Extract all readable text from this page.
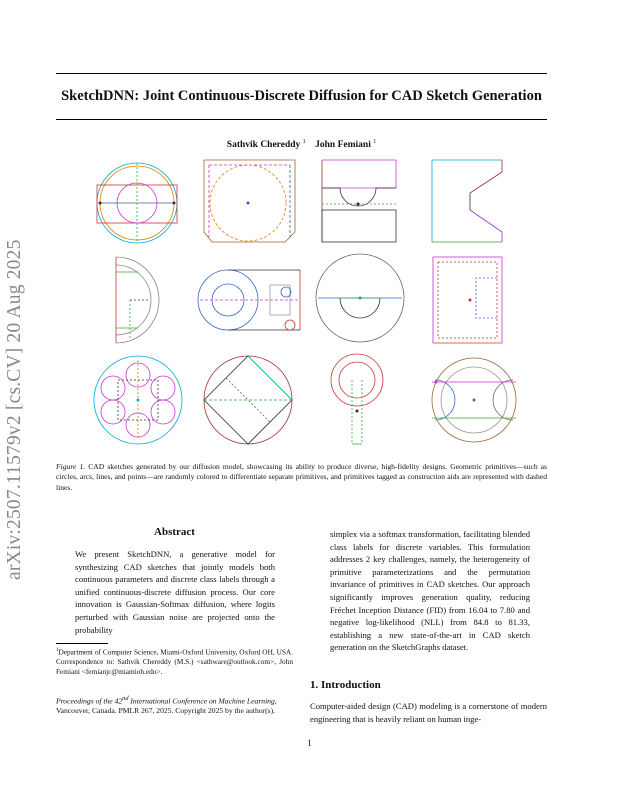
SketchDNN: Joint Continuous-Discrete Diffusion for CAD Sketch Generation
Sathvik Chereddy $^1$ John Femiani $^1$
arXiv:2507.11579v2 [cs.CV] 20 Aug 2025	Figure 1. CAD sketches generated by our diffusion model, showcasing its ability to produce diverse, high-fidelity designs. Geometric primitives—such as circles, arcs, lines, and points—are randomly colored to differentiate separate primitives, and primitives tagged as construction aids are represented with dashed lines.
Abstract
We present SketchDNN, a generative model for synthesizing CAD sketches that jointly models both continuous parameters and discrete class labels through a unified continuous-discrete diffusion process. Our core innovation is Gaussian-Softmax diffusion, where logits perturbed with Gaussian noise are projected onto the probability
simplex via a softmax transformation, facilitating blended class labels for discrete variables. This formulation addresses 2 key challenges, namely, the heterogeneity of primitive parameterizations and the permutation invariance of primitives in CAD sketches. Our approach significantly improves generation quality, reducing Fréchet Inception Distance (FID) from 16.04 to 7.80 and negative log-likelihood (NLL) from 84.8 to 81.33, establishing a new state-of-the-art in CAD sketch generation on the SketchGraphs dataset.
$^1$Department of Computer Science, Miami-Oxford University, Oxford OH, USA. Correspondence to: Sathvik Chereddy (M.S.) <sathware@outlook.com>, John Femiani <femianjc@miamioh.edu>.
Proceedings of the 42nd International Conference on Machine Learning, Vancouver, Canada. PMLR 267, 2025. Copyright 2025 by the author(s).
1. Introduction
Computer-aided design (CAD) modeling is a cornerstone of modern engineering that is heavily reliant on human inge-
1
